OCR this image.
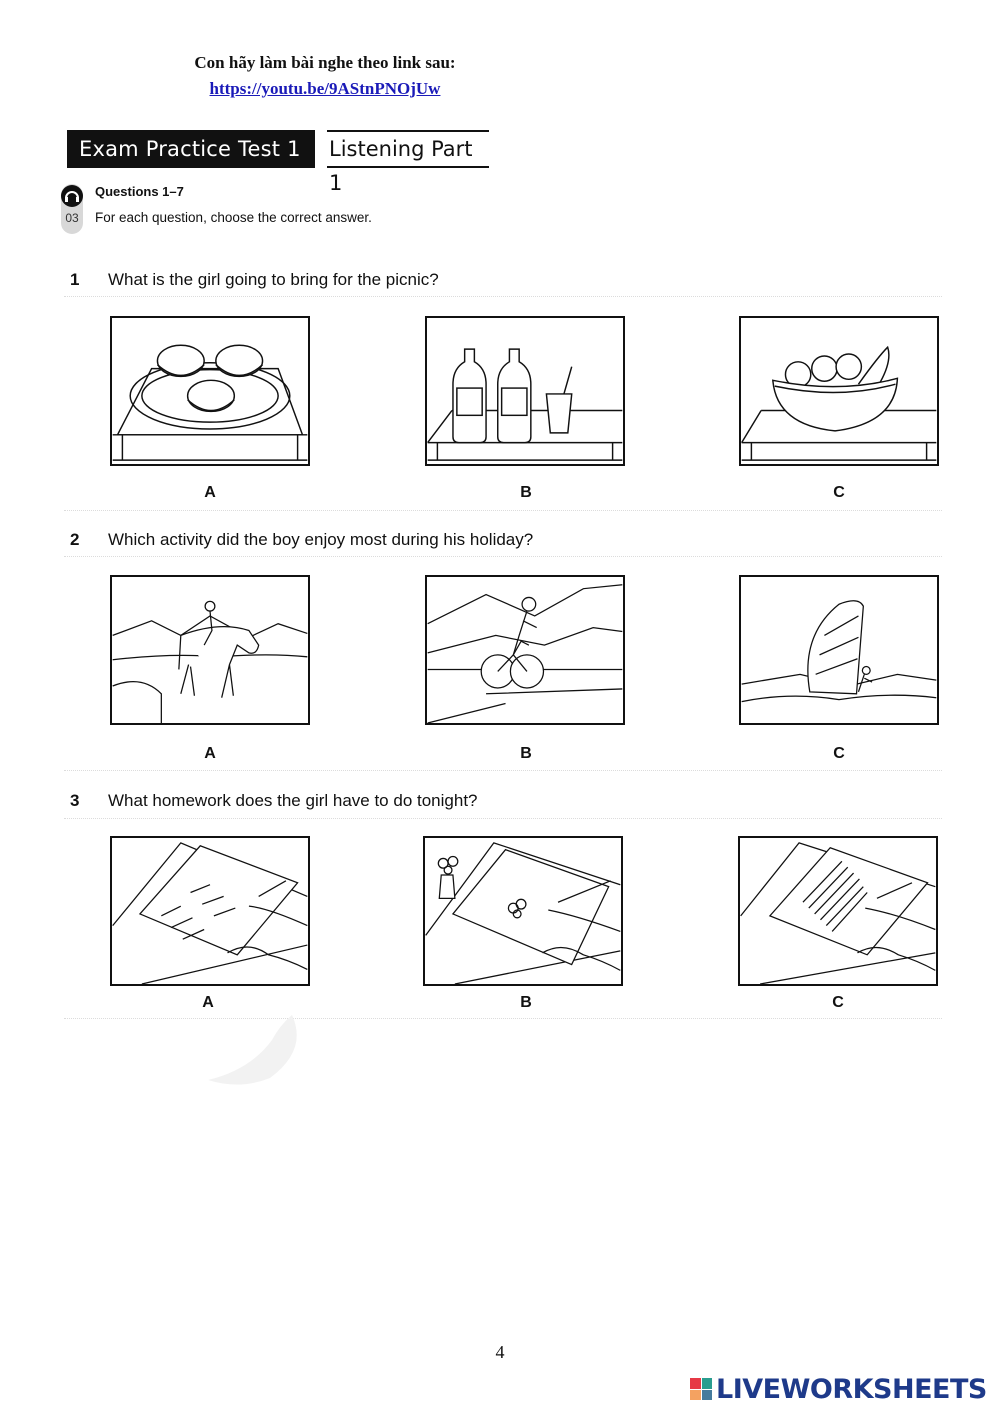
Con hãy làm bài nghe theo link sau:
https://youtu.be/9AStnPNOjUw
Exam Practice Test 1	Listening Part 1
03
Questions 1–7
For each question, choose the correct answer.
1 What is the girl going to bring for the picnic?
A	B	C
2 Which activity did the boy enjoy most during his holiday?
A	B	C
3 What homework does the girl have to do tonight?
A	B	C
4
LIVEWORKSHEETS
